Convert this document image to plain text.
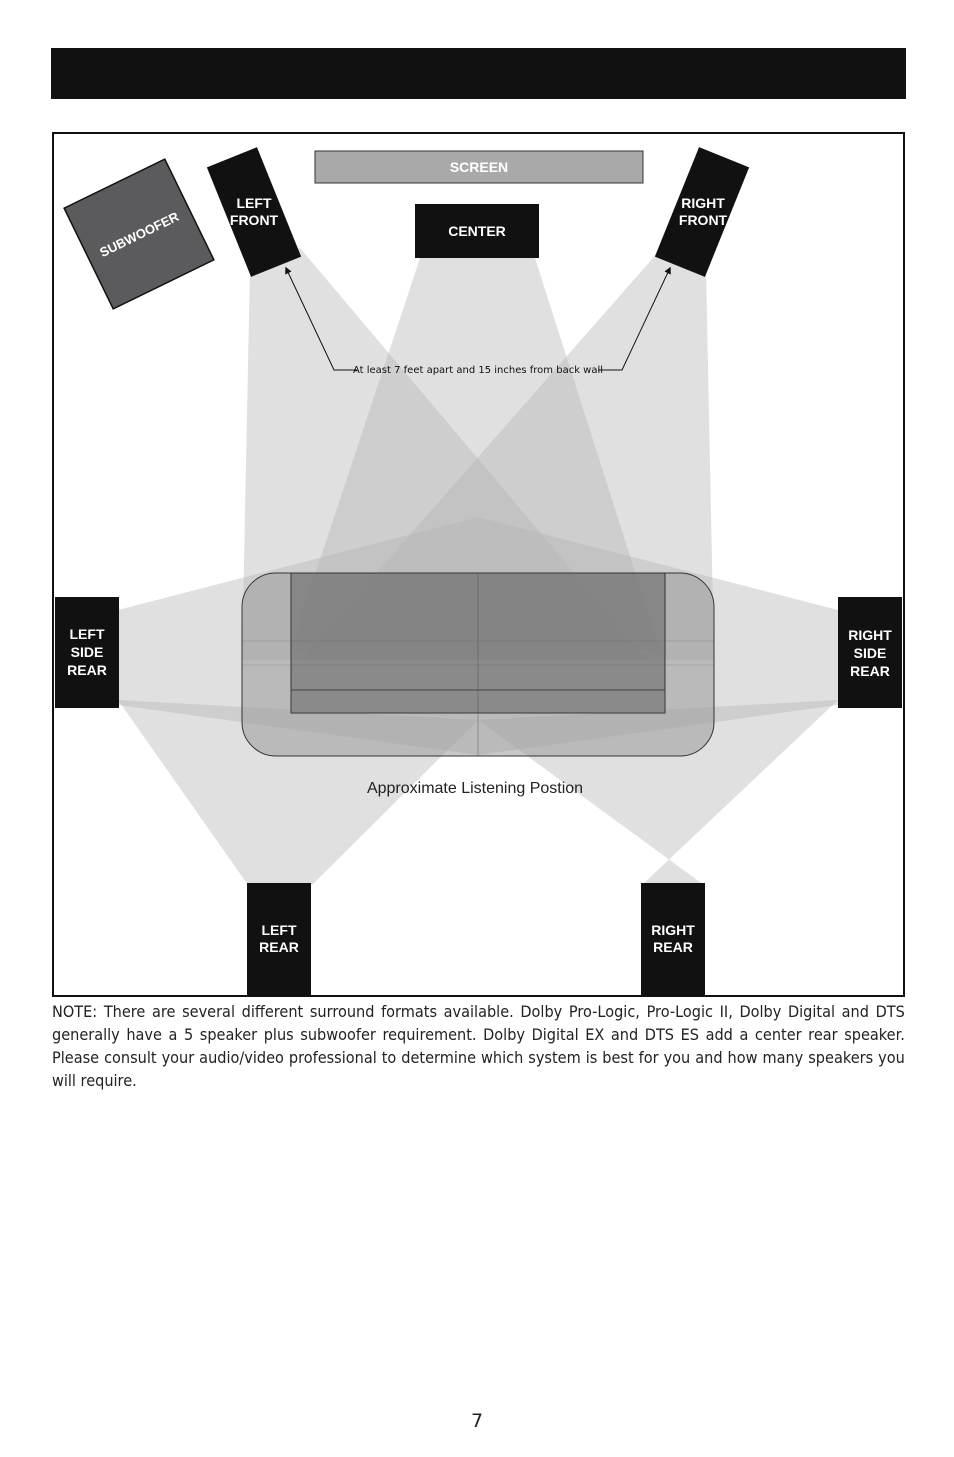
Approximate Listening Postion
SCREEN
SUBWOOFER
LEFT
FRONT
CENTER
RIGHT
FRONT
At least 7 feet apart and 15 inches from back wall
LEFT
SIDE
REAR
RIGHT
SIDE
REAR
LEFT
REAR
RIGHT
REAR
NOTE: There are several different surround formats available. Dolby Pro-Logic, Pro-Logic II, Dolby Digital and DTS generally have a 5 speaker plus subwoofer requirement. Dolby Digital EX and DTS ES add a center rear speaker. Please consult your audio/video professional to determine which system is best for you and how many speakers you will require.
7
